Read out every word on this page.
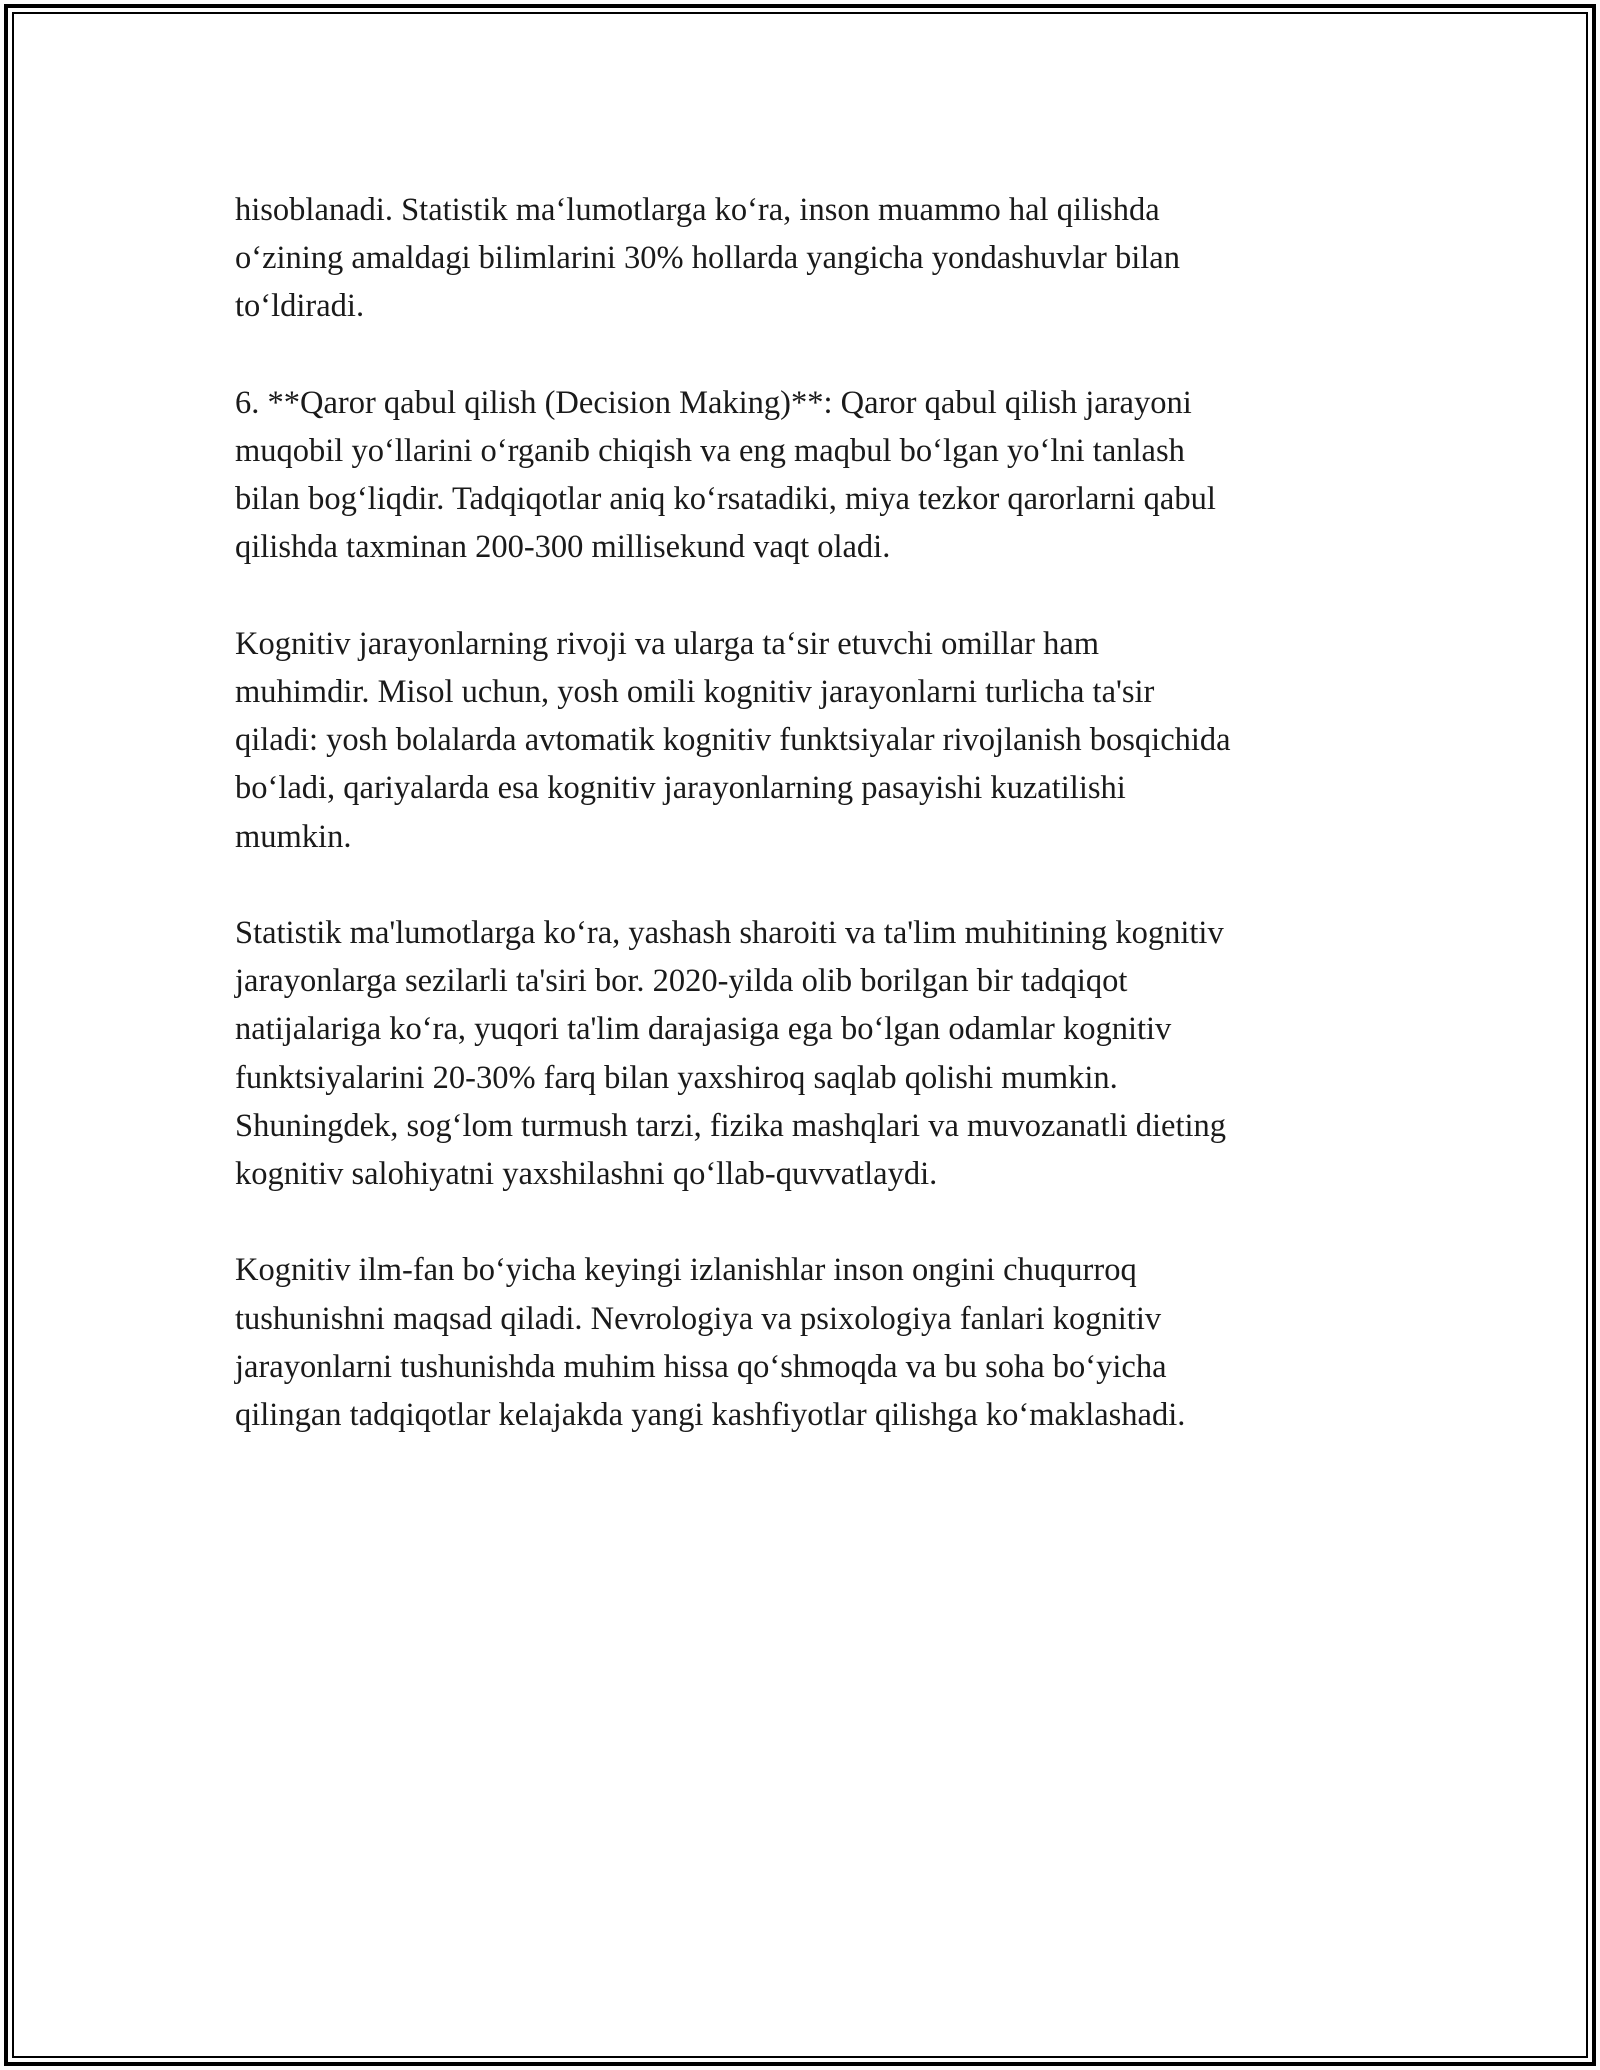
hisoblanadi. Statistik ma‘lumotlarga ko‘ra, inson muammo hal qilishda
o‘zining amaldagi bilimlarini 30% hollarda yangicha yondashuvlar bilan
to‘ldiradi.

6. **Qaror qabul qilish (Decision Making)**: Qaror qabul qilish jarayoni
muqobil yo‘llarini o‘rganib chiqish va eng maqbul bo‘lgan yo‘lni tanlash
bilan bog‘liqdir. Tadqiqotlar aniq ko‘rsatadiki, miya tezkor qarorlarni qabul
qilishda taxminan 200-300 millisekund vaqt oladi.

Kognitiv jarayonlarning rivoji va ularga ta‘sir etuvchi omillar ham
muhimdir. Misol uchun, yosh omili kognitiv jarayonlarni turlicha ta'sir
qiladi: yosh bolalarda avtomatik kognitiv funktsiyalar rivojlanish bosqichida
bo‘ladi, qariyalarda esa kognitiv jarayonlarning pasayishi kuzatilishi
mumkin.

Statistik ma'lumotlarga ko‘ra, yashash sharoiti va ta'lim muhitining kognitiv
jarayonlarga sezilarli ta'siri bor. 2020-yilda olib borilgan bir tadqiqot
natijalariga ko‘ra, yuqori ta'lim darajasiga ega bo‘lgan odamlar kognitiv
funktsiyalarini 20-30% farq bilan yaxshiroq saqlab qolishi mumkin.
Shuningdek, sog‘lom turmush tarzi, fizika mashqlari va muvozanatli dieting
kognitiv salohiyatni yaxshilashni qo‘llab-quvvatlaydi.

Kognitiv ilm-fan bo‘yicha keyingi izlanishlar inson ongini chuqurroq
tushunishni maqsad qiladi. Nevrologiya va psixologiya fanlari kognitiv
jarayonlarni tushunishda muhim hissa qo‘shmoqda va bu soha bo‘yicha
qilingan tadqiqotlar kelajakda yangi kashfiyotlar qilishga ko‘maklashadi.
